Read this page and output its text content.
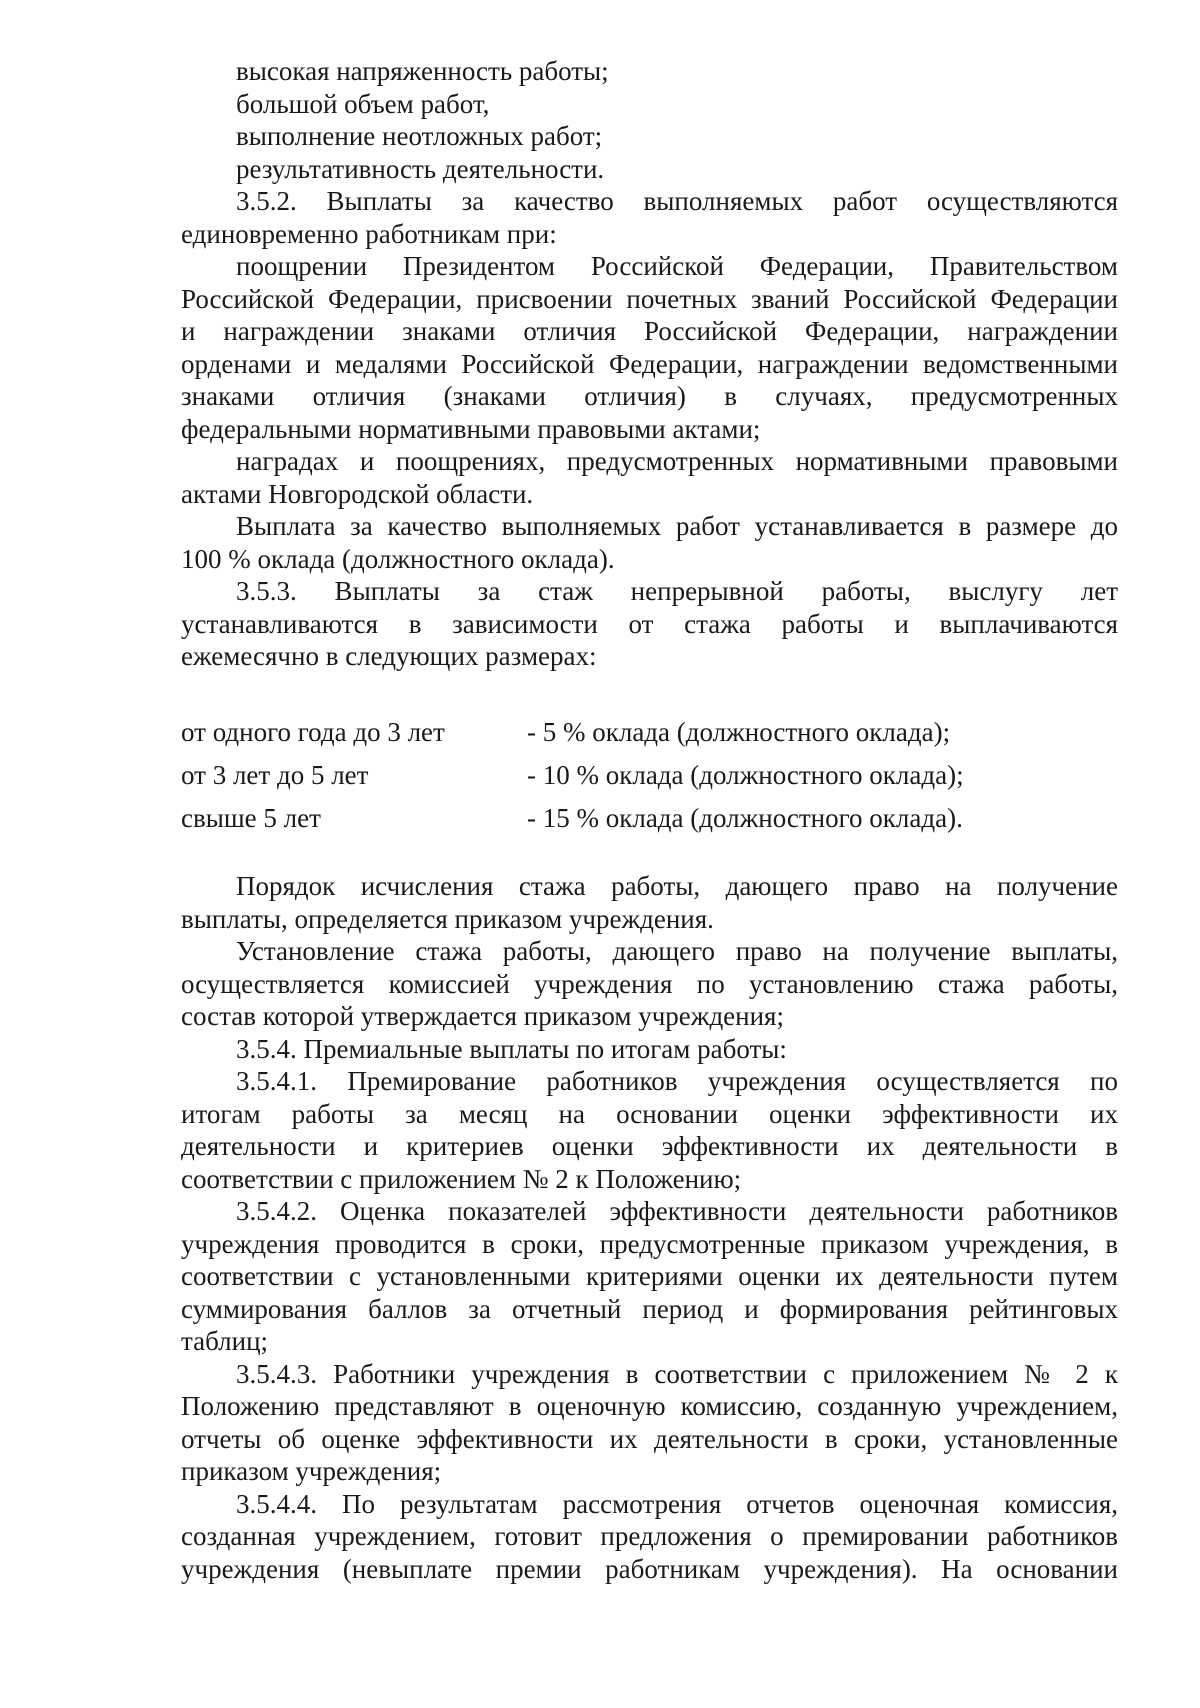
высокая напряженность работы;
большой объем работ,
выполнение неотложных работ;
результативность деятельности.
3.5.2. Выплаты за качество выполняемых работ осуществляются
единовременно работникам при:
поощрении Президентом Российской Федерации, Правительством
Российской Федерации, присвоении почетных званий Российской Федерации
и награждении знаками отличия Российской Федерации, награждении
орденами и медалями Российской Федерации, награждении ведомственными
знаками отличия (знаками отличия) в случаях, предусмотренных
федеральными нормативными правовыми актами;
наградах и поощрениях, предусмотренных нормативными правовыми
актами Новгородской области.
Выплата за качество выполняемых работ устанавливается в размере до
100 % оклада (должностного оклада).
3.5.3. Выплаты за стаж непрерывной работы, выслугу лет
устанавливаются в зависимости от стажа работы и выплачиваются
ежемесячно в следующих размерах:
от одного года до 3 лет	- 5 % оклада (должностного оклада);
от 3 лет до 5 лет	- 10 % оклада (должностного оклада);
свыше 5 лет	- 15 % оклада (должностного оклада).
Порядок исчисления стажа работы, дающего право на получение
выплаты, определяется приказом учреждения.
Установление стажа работы, дающего право на получение выплаты,
осуществляется комиссией учреждения по установлению стажа работы,
состав которой утверждается приказом учреждения;
3.5.4. Премиальные выплаты по итогам работы:
3.5.4.1. Премирование работников учреждения осуществляется по
итогам работы за месяц на основании оценки эффективности их
деятельности и критериев оценки эффективности их деятельности в
соответствии с приложением № 2 к Положению;
3.5.4.2. Оценка показателей эффективности деятельности работников
учреждения проводится в сроки, предусмотренные приказом учреждения, в
соответствии с установленными критериями оценки их деятельности путем
суммирования баллов за отчетный период и формирования рейтинговых
таблиц;
3.5.4.3. Работники учреждения в соответствии с приложением № 2 к
Положению представляют в оценочную комиссию, созданную учреждением,
отчеты об оценке эффективности их деятельности в сроки, установленные
приказом учреждения;
3.5.4.4. По результатам рассмотрения отчетов оценочная комиссия,
созданная учреждением, готовит предложения о премировании работников
учреждения (невыплате премии работникам учреждения). На основании
